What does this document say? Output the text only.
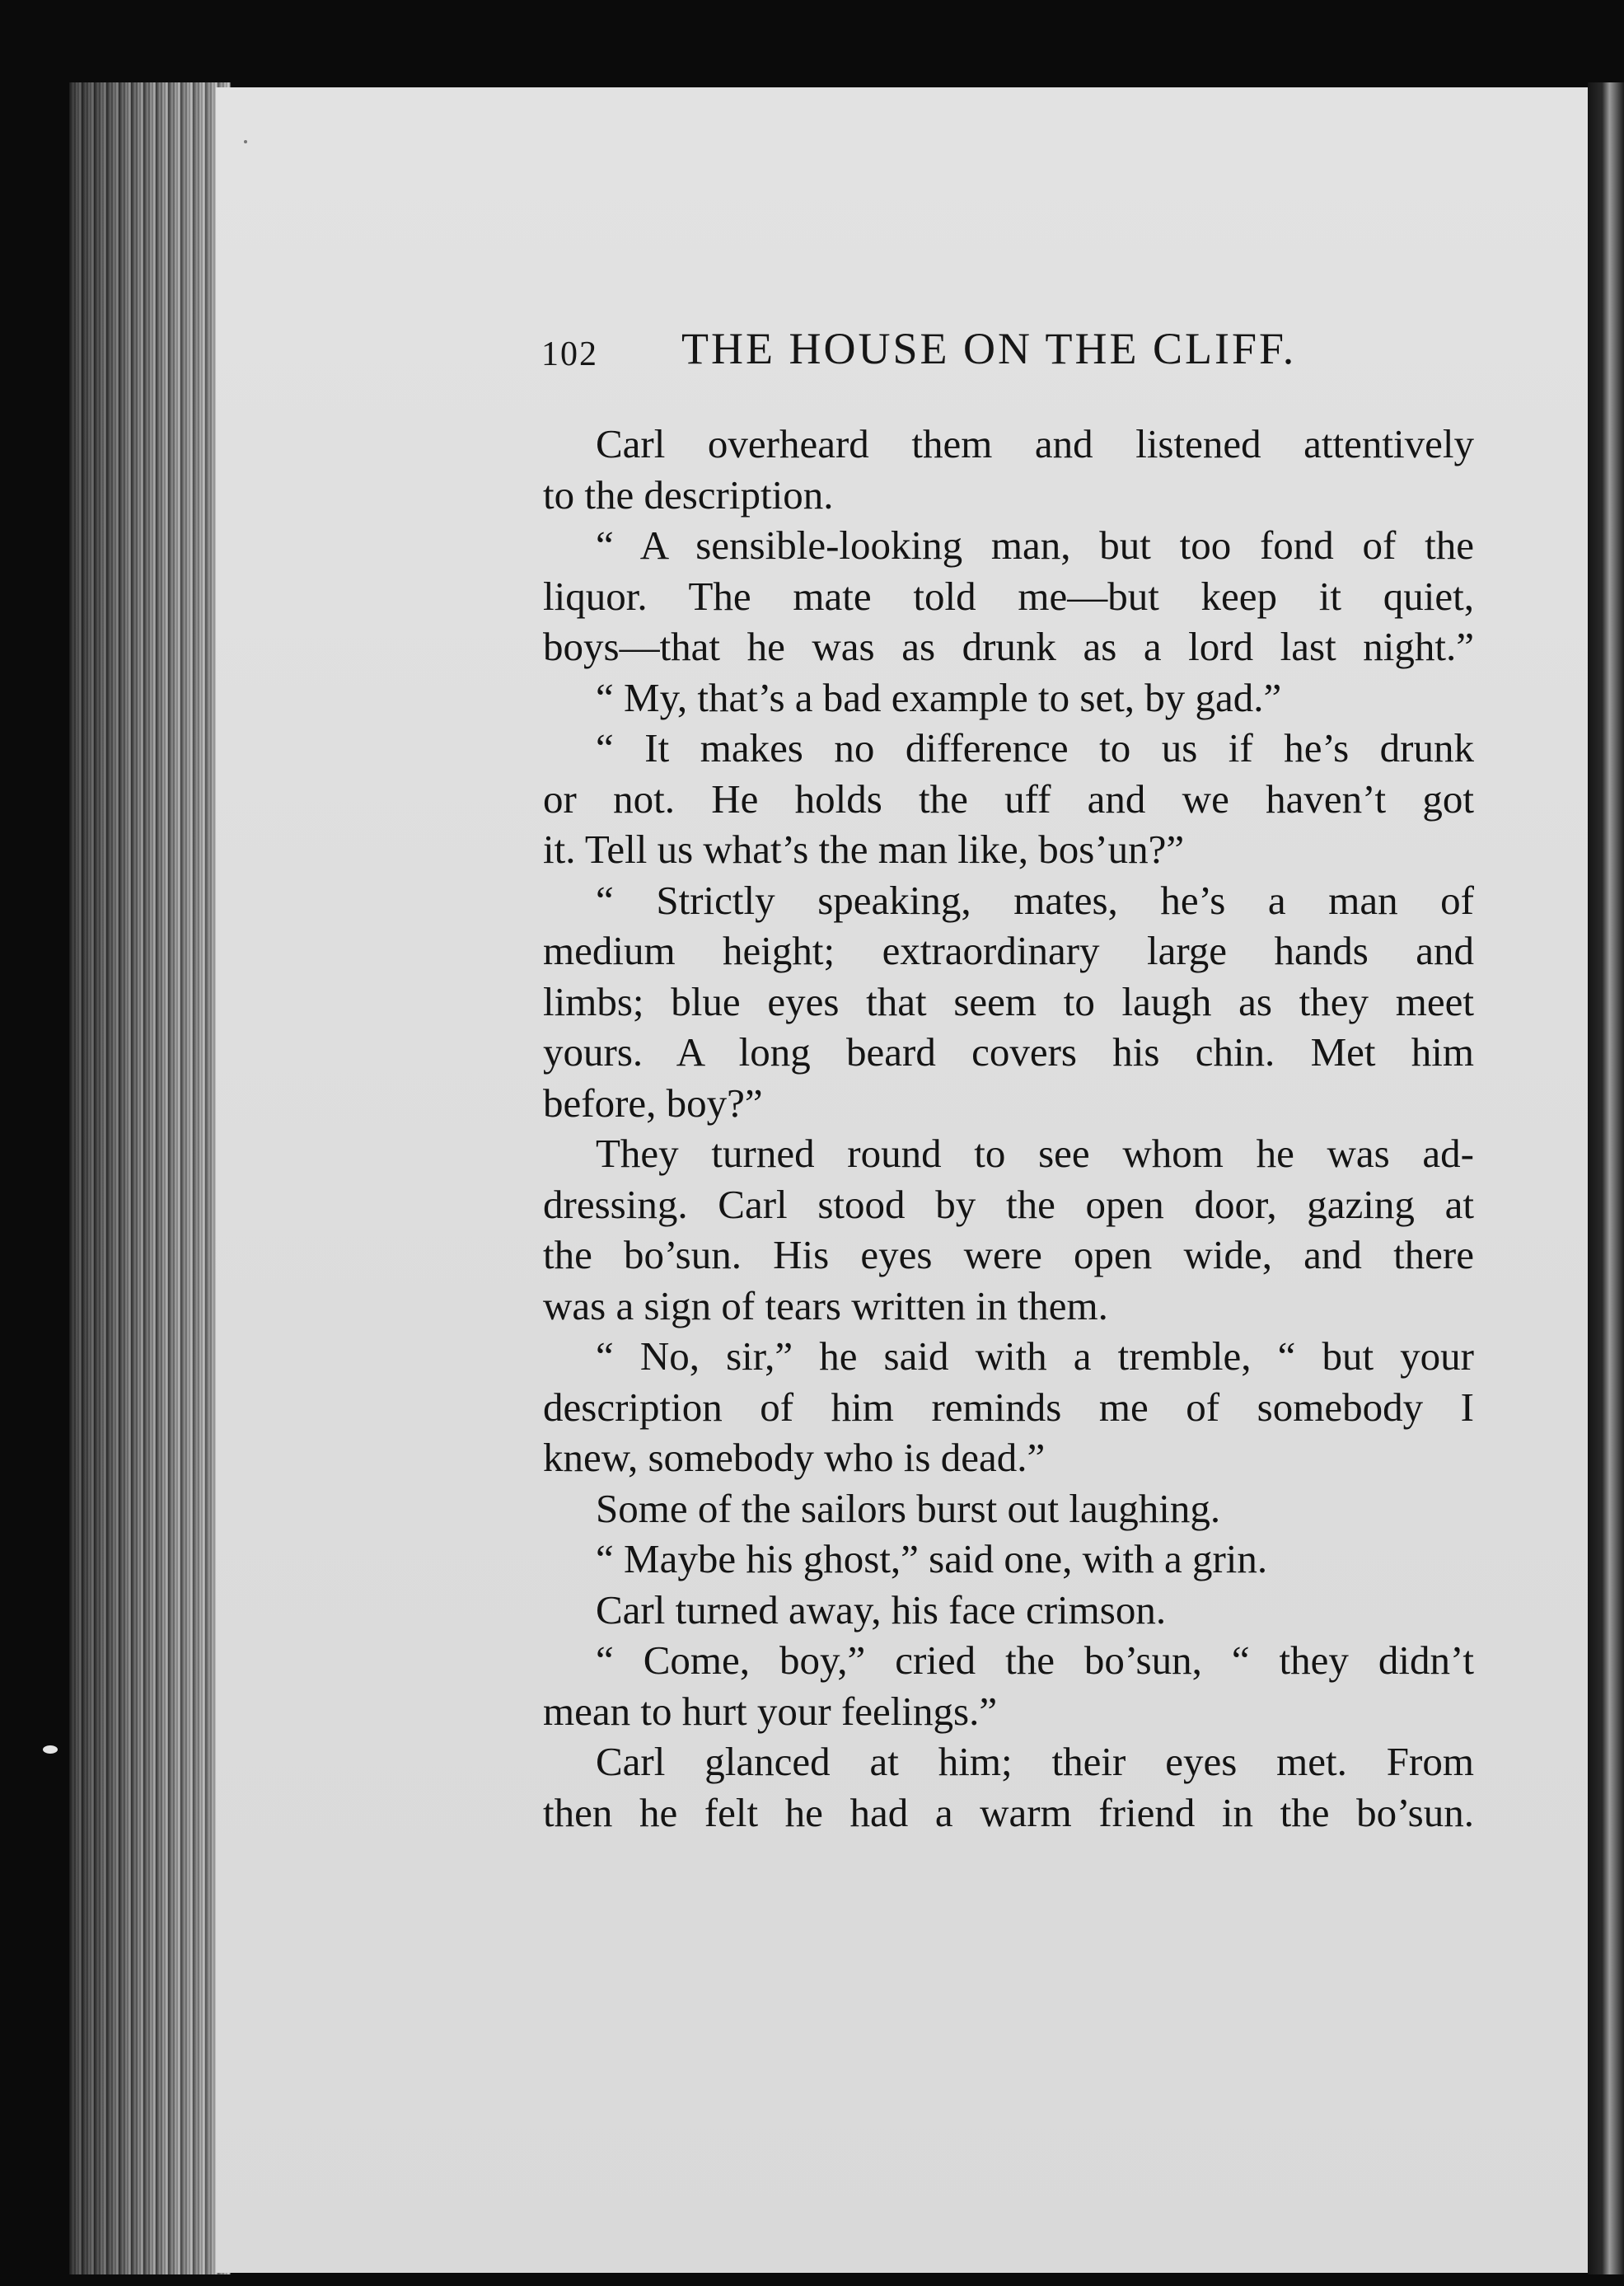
102 THE HOUSE ON THE CLIFF.
Carl overheard them and listened attentively
to the description.
“ A sensible-looking man, but too fond of the
liquor. The mate told me—but keep it quiet,
boys—that he was as drunk as a lord last night.”
“ My, that’s a bad example to set, by gad.”
“ It makes no difference to us if he’s drunk
or not. He holds the uff and we haven’t got
it. Tell us what’s the man like, bos’un?”
“ Strictly speaking, mates, he’s a man of
medium height; extraordinary large hands and
limbs; blue eyes that seem to laugh as they meet
yours. A long beard covers his chin. Met him
before, boy?”
They turned round to see whom he was ad-
dressing. Carl stood by the open door, gazing at
the bo’sun. His eyes were open wide, and there
was a sign of tears written in them.
“ No, sir,” he said with a tremble, “ but your
description of him reminds me of somebody I
knew, somebody who is dead.”
Some of the sailors burst out laughing.
“ Maybe his ghost,” said one, with a grin.
Carl turned away, his face crimson.
“ Come, boy,” cried the bo’sun, “ they didn’t
mean to hurt your feelings.”
Carl glanced at him; their eyes met. From
then he felt he had a warm friend in the bo’sun.
